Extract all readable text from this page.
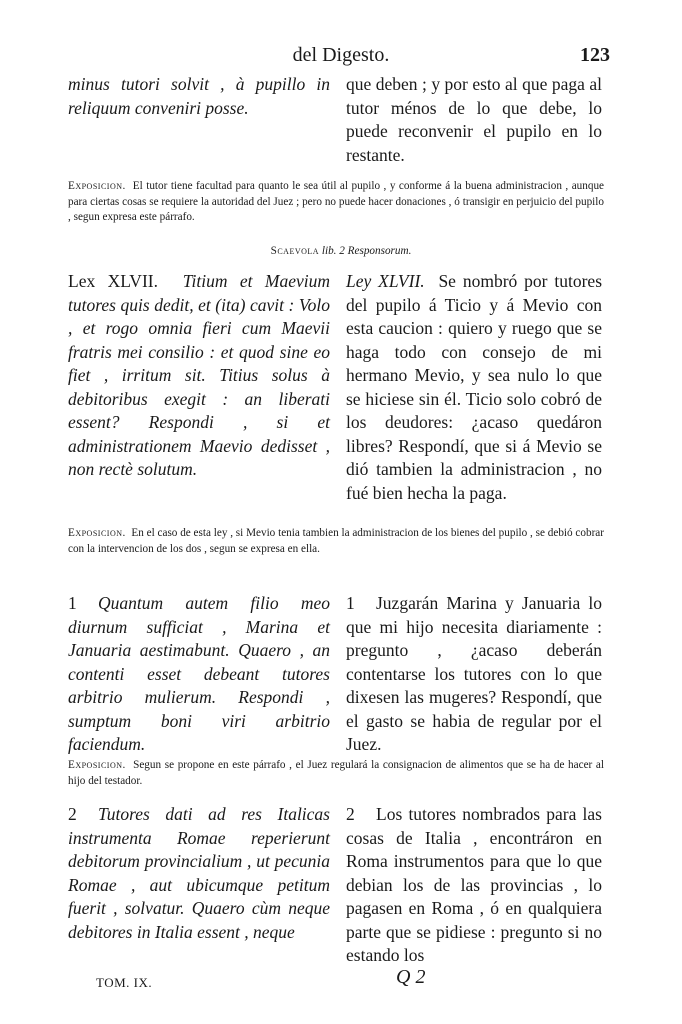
del Digesto.	123
minus tutori solvit , à pupillo in reliquum conveniri posse.
que deben ; y por esto al que paga al tutor ménos de lo que debe, lo puede reconvenir el pupilo en lo restante.
Exposicion. El tutor tiene facultad para quanto le sea útil al pupilo , y conforme á la buena administracion , aunque para ciertas cosas se requiere la autoridad del Juez ; pero no puede hacer donaciones , ó transigir en perjuicio del pupilo , segun expresa este párrafo.
Scaevola lib. 2 Responsorum.
Lex XLVII. Titium et Maevium tutores quis dedit, et (ita) cavit : Volo , et rogo omnia fieri cum Maevii fratris mei consilio : et quod sine eo fiet , irritum sit. Titius solus à debitoribus exegit : an liberati essent? Respondi , si et administrationem Maevio dedisset , non rectè solutum.
Ley XLVII. Se nombró por tutores del pupilo á Ticio y á Mevio con esta caucion : quiero y ruego que se haga todo con consejo de mi hermano Mevio, y sea nulo lo que se hiciese sin él. Ticio solo cobró de los deudores: ¿acaso quedáron libres? Respondí, que si á Mevio se dió tambien la administracion , no fué bien hecha la paga.
Exposicion. En el caso de esta ley , si Mevio tenia tambien la administracion de los bienes del pupilo , se debió cobrar con la intervencion de los dos , segun se expresa en ella.
1 Quantum autem filio meo diurnum sufficiat , Marina et Januaria aestimabunt. Quaero , an contenti esset debeant tutores arbitrio mulierum. Respondi , sumptum boni viri arbitrio faciendum.
1 Juzgarán Marina y Januaria lo que mi hijo necesita diariamente : pregunto , ¿acaso deberán contentarse los tutores con lo que dixesen las mugeres? Respondí, que el gasto se habia de regular por el Juez.
Exposicion. Segun se propone en este párrafo , el Juez regulará la consignacion de alimentos que se ha de hacer al hijo del testador.
2 Tutores dati ad res Italicas instrumenta Romae reperierunt debitorum provincialium , ut pecunia Romae , aut ubicumque petitum fuerit , solvatur. Quaero cùm neque debitores in Italia essent , neque
2 Los tutores nombrados para las cosas de Italia , encontráron en Roma instrumentos para que lo que debian los de las provincias , lo pagasen en Roma , ó en qualquiera parte que se pidiese : pregunto si no estando los
TOM. IX.	Q 2
